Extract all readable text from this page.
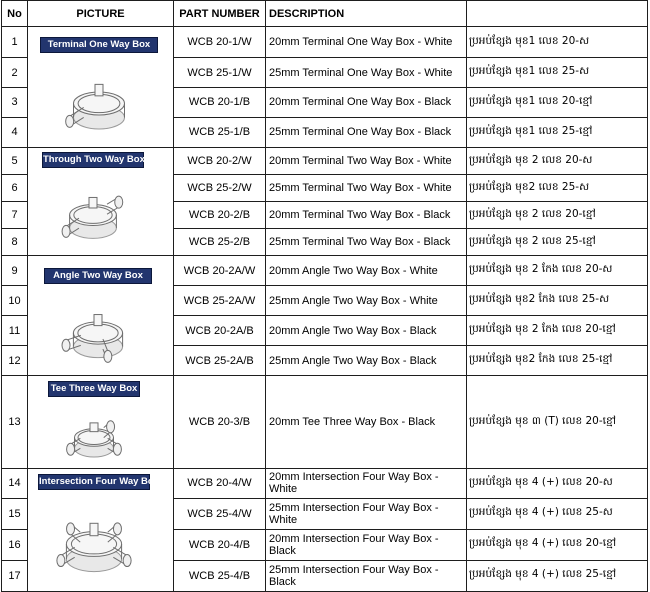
No	PICTURE	PART NUMBER	DESCRIPTION	
1	Terminal One Way Box	WCB 20-1/W	20mm Terminal One Way Box - White	ប្រអប់ខ្សែង មុខ1 លេខ 20-ស
2		WCB 25-1/W	25mm Terminal One Way Box - White	ប្រអប់ខ្សែង មុខ1 លេខ 25-ស
3		WCB 20-1/B	20mm Terminal One Way Box - Black	ប្រអប់ខ្សែង មុខ1 លេខ 20-ខ្មៅ
4		WCB 25-1/B	25mm Terminal One Way Box - Black	ប្រអប់ខ្សែង មុខ1 លេខ 25-ខ្មៅ
5	Through Two Way Box	WCB 20-2/W	20mm Terminal Two Way Box - White	ប្រអប់ខ្សែង មុខ 2 លេខ 20-ស
6		WCB 25-2/W	25mm Terminal Two Way Box - White	ប្រអប់ខ្សែង មុខ2 លេខ 25-ស
7		WCB 20-2/B	20mm Terminal Two Way Box - Black	ប្រអប់ខ្សែង មុខ 2 លេខ 20-ខ្មៅ
8		WCB 25-2/B	25mm Terminal Two Way Box - Black	ប្រអប់ខ្សែង មុខ 2 លេខ 25-ខ្មៅ
9	Angle Two Way Box	WCB 20-2A/W	20mm Angle Two Way Box - White	ប្រអប់ខ្សែង មុខ 2 កែង លេខ 20-ស
10		WCB 25-2A/W	25mm Angle Two Way Box - White	ប្រអប់ខ្សែង មុខ2 កែង លេខ 25-ស
11		WCB 20-2A/B	20mm Angle Two Way Box - Black	ប្រអប់ខ្សែង មុខ 2 កែង លេខ 20-ខ្មៅ
12		WCB 25-2A/B	25mm Angle Two Way Box - Black	ប្រអប់ខ្សែង មុខ2 កែង លេខ 25-ខ្មៅ
13	Tee Three Way Box	WCB 20-3/B	20mm Tee Three Way Box - Black	ប្រអប់ខ្សែង មុខ ៣ (T) លេខ 20-ខ្មៅ
14	Intersection Four Way Box	WCB 20-4/W	20mm Intersection Four Way Box - White	ប្រអប់ខ្សែង មុខ 4 (+) លេខ 20-ស
15		WCB 25-4/W	25mm Intersection Four Way Box - White	ប្រអប់ខ្សែង មុខ 4 (+) លេខ 25-ស
16		WCB 20-4/B	20mm Intersection Four Way Box - Black	ប្រអប់ខ្សែង មុខ 4 (+) លេខ 20-ខ្មៅ
17		WCB 25-4/B	25mm Intersection Four Way Box - Black	ប្រអប់ខ្សែង មុខ 4 (+) លេខ 25-ខ្មៅ
